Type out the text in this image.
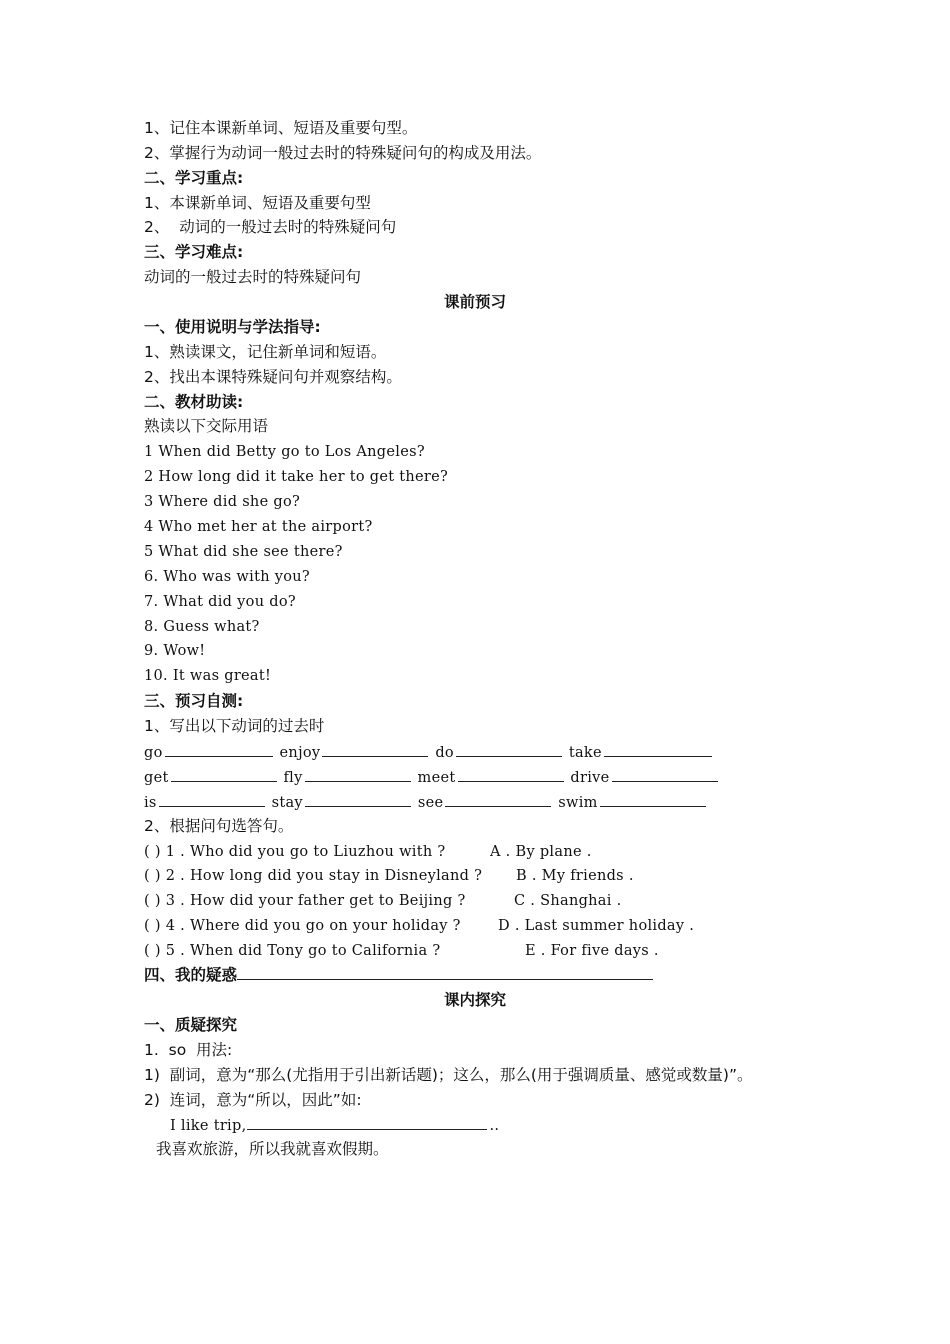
1、记住本课新单词、短语及重要句型。
2、掌握行为动词一般过去时的特殊疑问句的构成及用法。
二、学习重点:
1、本课新单词、短语及重要句型
2、  动词的一般过去时的特殊疑问句
三、学习难点:
动词的一般过去时的特殊疑问句
课前预习
一、使用说明与学法指导:
1、熟读课文，记住新单词和短语。
2、找出本课特殊疑问句并观察结构。
二、教材助读:
熟读以下交际用语
1 When did Betty go to Los Angeles?
2 How long did it take her to get there?
3 Where did she go?
4 Who met her at the airport?
5 What did she see there?
6. Who was with you?
7. What did you do?
8. Guess what?
9. Wow!
10. It was great!
三、预习自测:
1、写出以下动词的过去时
go	enjoy	do	take
get	fly	meet	drive
is	stay	see	swim
2、根据问句选答句。
( ) 1 . Who did you go to Liuzhou with ?	A . By plane .
( ) 2 . How long did you stay in Disneyland ? B . My friends .
( ) 3 . How did your father get to Beijing ?	C . Shanghai .
( ) 4 . Where did you go on your holiday ?	D . Last summer holiday .
( ) 5 . When did Tony go to California ?	E . For five days .
四、我的疑惑
课内探究
一、质疑探究
1.  so  用法:
1)  副词，意为“那么(尤指用于引出新话题)；这么，那么(用于强调质量、感觉或数量)”。
2)  连词，意为“所以，因此”如:
I like trip,	..
我喜欢旅游，所以我就喜欢假期。
